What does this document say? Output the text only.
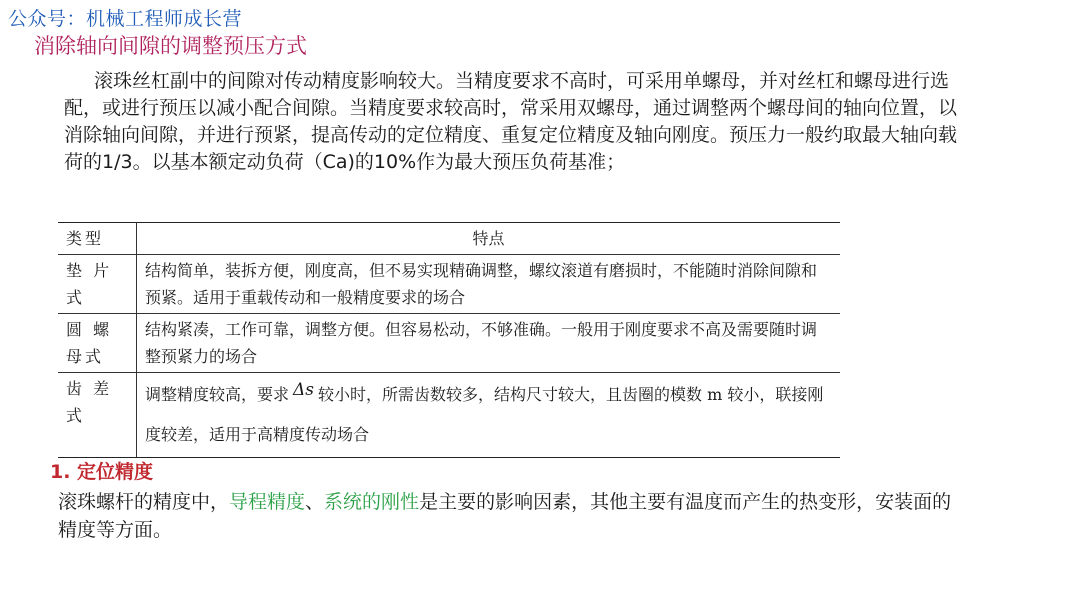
公众号：机械工程师成长营
消除轴向间隙的调整预压方式

滚珠丝杠副中的间隙对传动精度影响较大。当精度要求不高时，可采用单螺母，并对丝杠和螺母进行选配，或进行预压以减小配合间隙。当精度要求较高时，常采用双螺母，通过调整两个螺母间的轴向位置，以消除轴向间隙，并进行预紧，提高传动的定位精度、重复定位精度及轴向刚度。预压力一般约取最大轴向载荷的1/3。以基本额定动负荷（Ca)的10%作为最大预压负荷基准；

类型	特点
垫 片式	结构简单，装拆方便，刚度高，但不易实现精确调整，螺纹滚道有磨损时，不能随时消除间隙和预紧。适用于重载传动和一般精度要求的场合
圆 螺母式	结构紧凑，工作可靠，调整方便。但容易松动，不够准确。一般用于刚度要求不高及需要随时调整预紧力的场合
齿 差式	调整精度较高，要求 Δs 较小时，所需齿数较多，结构尺寸较大，且齿圈的模数 m 较小，联接刚度较差，适用于高精度传动场合
1. 定位精度

滚珠螺杆的精度中，导程精度、系统的刚性是主要的影响因素，其他主要有温度而产生的热变形，安装面的精度等方面。
